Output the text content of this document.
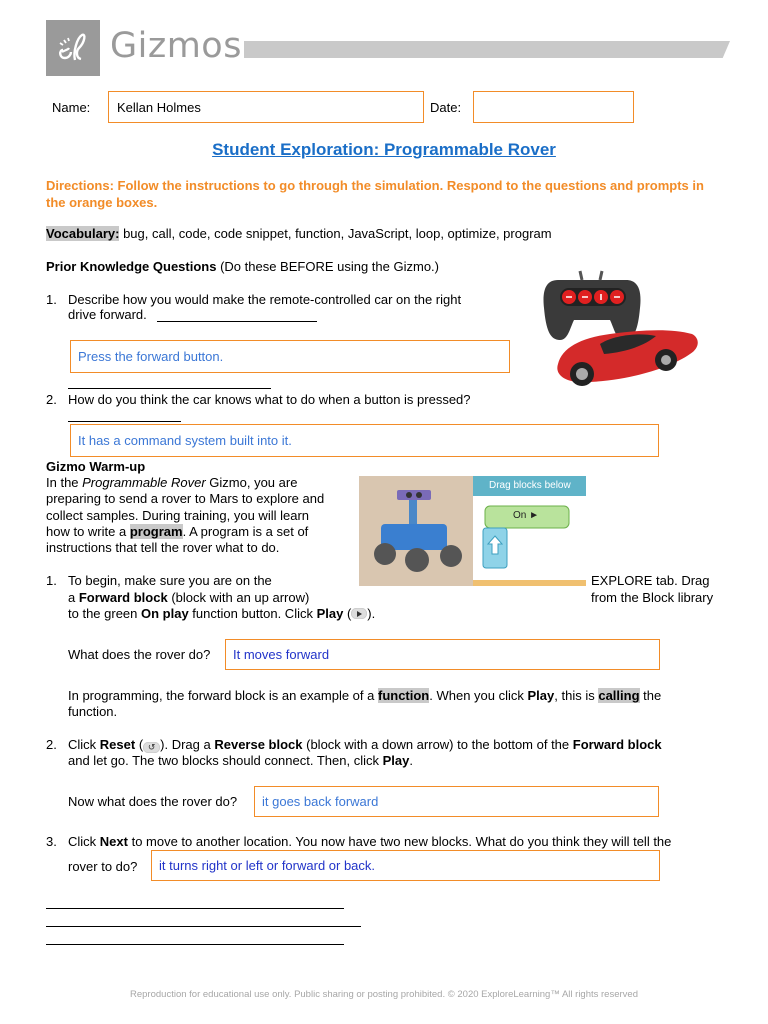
Gizmos
Name:	Kellan Holmes	Date:
Student Exploration: Programmable Rover
Directions: Follow the instructions to go through the simulation. Respond to the questions and prompts in the orange boxes.
Vocabulary: bug, call, code, code snippet, function, JavaScript, loop, optimize, program
Prior Knowledge Questions (Do these BEFORE using the Gizmo.)
1. Describe how you would make the remote-controlled car on the right
drive forward.
Press the forward button.
2. How do you think the car knows what to do when a button is pressed?
It has a command system built into it.
Gizmo Warm-up
In the Programmable Rover Gizmo, you are
preparing to send a rover to Mars to explore and
collect samples. During training, you will learn
how to write a program. A program is a set of
instructions that tell the rover what to do.
Drag blocks below
On ►
1. To begin, make sure you are on the
a Forward block (block with an up arrow)
EXPLORE tab. Drag
from the Block library
to the green On play function button. Click Play ( ).
What does the rover do?	It moves forward
In programming, the forward block is an example of a function. When you click Play, this is calling the
function.
2. Click Reset ( ↺ ). Drag a Reverse block (block with a down arrow) to the bottom of the Forward block
and let go. The two blocks should connect. Then, click Play.
Now what does the rover do?	it goes back forward
3. Click Next to move to another location. You now have two new blocks. What do you think they will tell the
rover to do?	it turns right or left or forward or back.
Reproduction for educational use only. Public sharing or posting prohibited. © 2020 ExploreLearning™ All rights reserved
